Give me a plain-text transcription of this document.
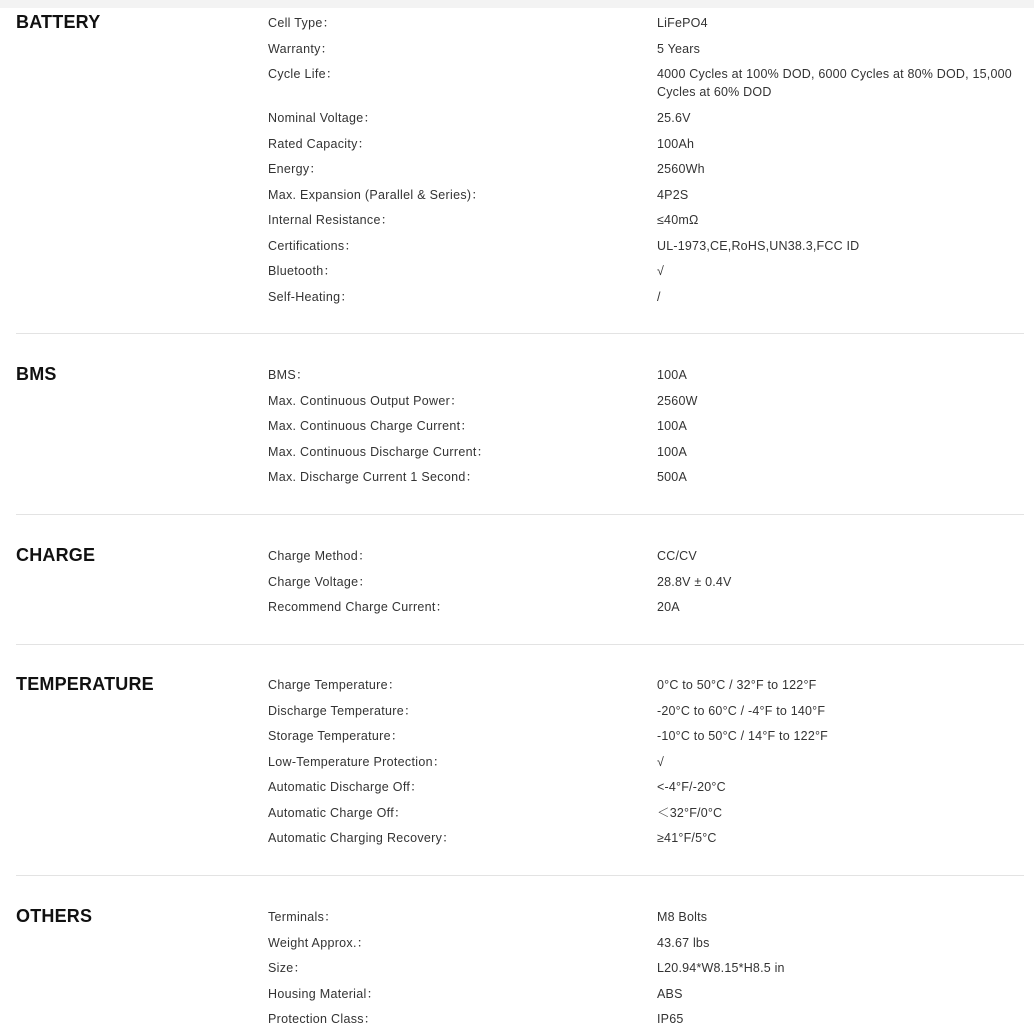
BATTERY	Cell Type：	LiFePO4
Warranty：	5 Years
Cycle Life：	4000 Cycles at 100% DOD, 6000 Cycles at 80% DOD, 15,000 Cycles at 60% DOD
Nominal Voltage：	25.6V
Rated Capacity：	100Ah
Energy：	2560Wh
Max. Expansion (Parallel & Series)：	4P2S
Internal Resistance：	≤40mΩ
Certifications：	UL-1973,CE,RoHS,UN38.3,FCC ID
Bluetooth：	√
Self-Heating：	/
BMS	BMS：	100A
Max. Continuous Output Power：	2560W
Max. Continuous Charge Current：	100A
Max. Continuous Discharge Current：	100A
Max. Discharge Current 1 Second：	500A
CHARGE	Charge Method：	CC/CV
Charge Voltage：	28.8V ± 0.4V
Recommend Charge Current：	20A
TEMPERATURE	Charge Temperature：	0°C to 50°C / 32°F to 122°F
Discharge Temperature：	-20°C to 60°C / -4°F to 140°F
Storage Temperature：	-10°C to 50°C / 14°F to 122°F
Low-Temperature Protection：	√
Automatic Discharge Off：	<-4°F/-20°C
Automatic Charge Off：	＜32°F/0°C
Automatic Charging Recovery：	≥41°F/5°C
OTHERS	Terminals：	M8 Bolts
Weight Approx.：	43.67 lbs
Size：	L20.94*W8.15*H8.5 in
Housing Material：	ABS
Protection Class：	IP65
